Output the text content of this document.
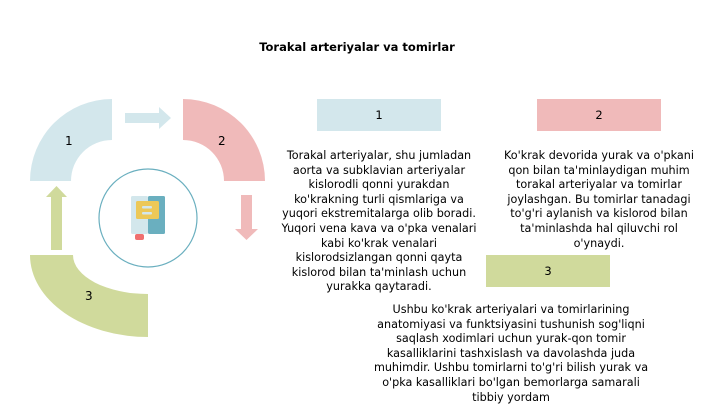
Torakal arteriyalar va tomirlar
1	2
3
1	2
Torakal arteriyalar, shu jumladan aorta va subklavian arteriyalar kislorodli qonni yurakdan ko'krakning turli qismlariga va yuqori ekstremitalarga olib boradi. Yuqori vena kava va o'pka venalari kabi ko'krak venalari kislorodsizlangan qonni qayta kislorod bilan ta'minlash uchun yurakka qaytaradi.
Ko'krak devorida yurak va o'pkani qon bilan ta'minlaydigan muhim torakal arteriyalar va tomirlar joylashgan. Bu tomirlar tanadagi to'g'ri aylanish va kislorod bilan ta'minlashda hal qiluvchi rol o'ynaydi.
3
Ushbu ko'krak arteriyalari va tomirlarining anatomiyasi va funktsiyasini tushunish sog'liqni saqlash xodimlari uchun yurak-qon tomir kasalliklarini tashxislash va davolashda juda muhimdir. Ushbu tomirlarni to'g'ri bilish yurak va o'pka kasalliklari bo'lgan bemorlarga samarali tibbiy yordam
